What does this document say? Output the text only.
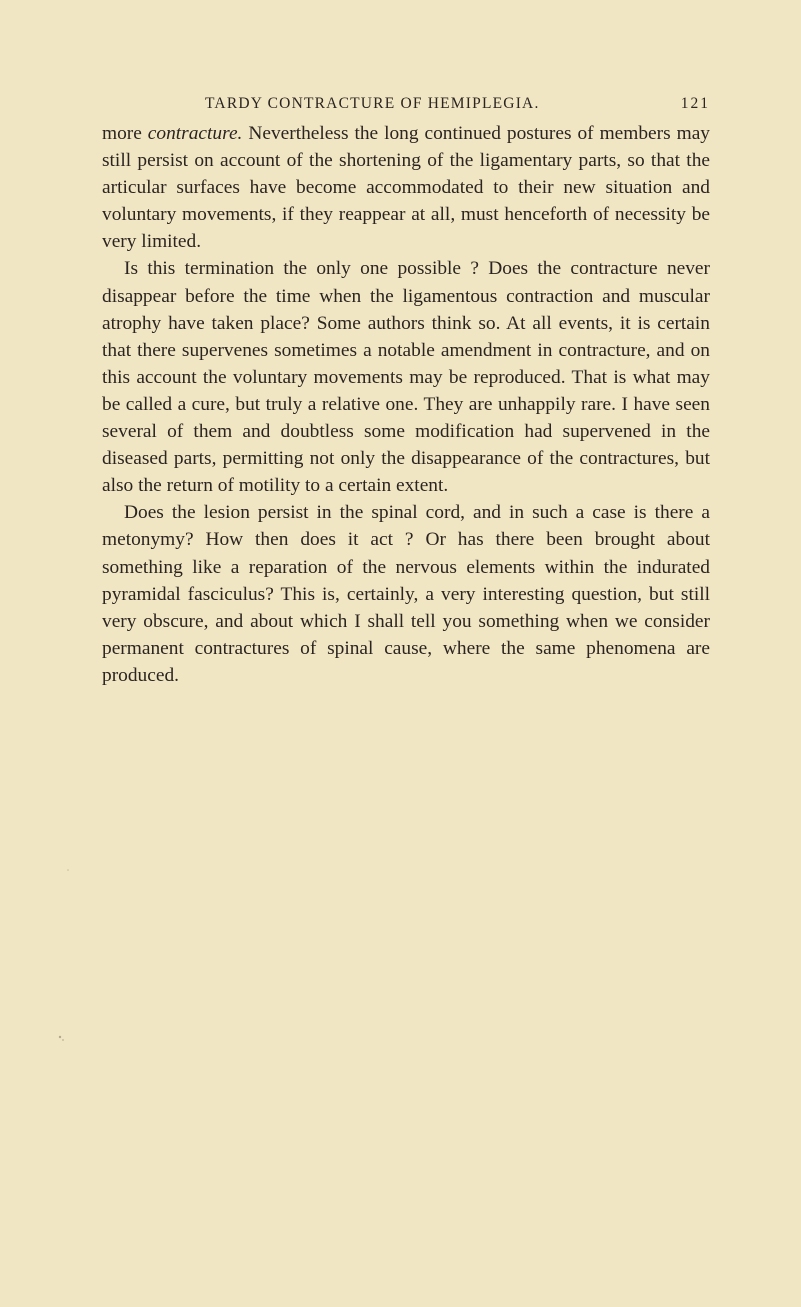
TARDY CONTRACTURE OF HEMIPLEGIA.	121

more contracture. Nevertheless the long continued postures of members may still persist on account of the shortening of the ligamentary parts, so that the articular surfaces have become accommodated to their new situation and voluntary movements, if they reappear at all, must henceforth of necessity be very limited.

Is this termination the only one possible ? Does the contracture never disappear before the time when the ligamentous contraction and muscular atrophy have taken place? Some authors think so. At all events, it is certain that there supervenes sometimes a notable amendment in contracture, and on this account the voluntary movements may be reproduced. That is what may be called a cure, but truly a relative one. They are unhappily rare. I have seen several of them and doubtless some modification had supervened in the diseased parts, permitting not only the disappearance of the contractures, but also the return of motility to a certain extent.

Does the lesion persist in the spinal cord, and in such a case is there a metonymy? How then does it act ? Or has there been brought about something like a reparation of the nervous elements within the indurated pyramidal fasciculus? This is, certainly, a very interesting question, but still very obscure, and about which I shall tell you something when we consider permanent contractures of spinal cause, where the same phenomena are produced.
